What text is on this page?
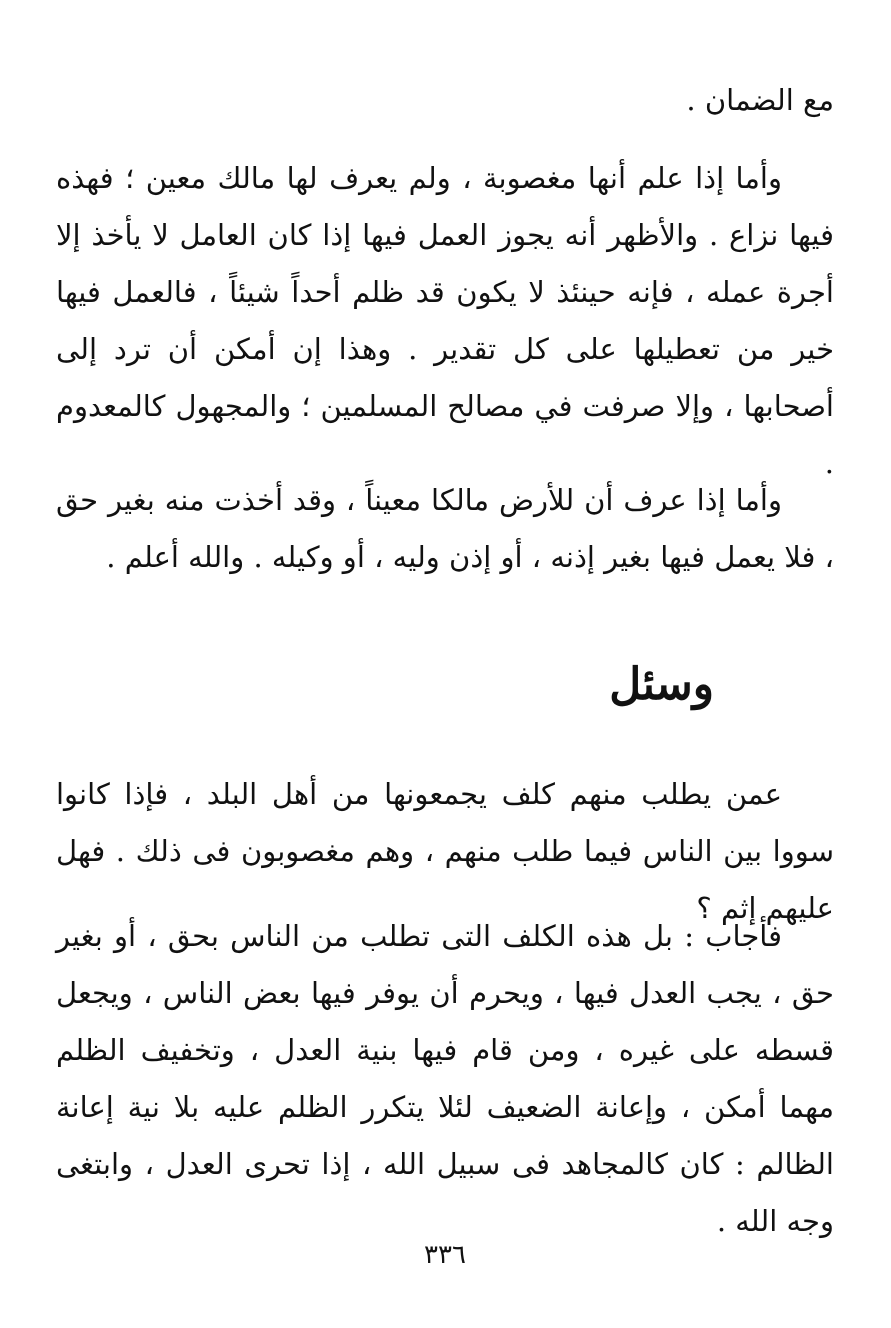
مع الضمان .

وأما إذا علم أنها مغصوبة ، ولم يعرف لها مالك معين ؛ فهذه فيها نزاع . والأظهر أنه يجوز العمل فيها إذا كان العامل لا يأخذ إلا أجرة عمله ، فإنه حينئذ لا يكون قد ظلم أحداً شيئاً ، فالعمل فيها خير من تعطيلها على كل تقدير . وهذا إن أمكن أن ترد إلى أصحابها ، وإلا صرفت في مصالح المسلمين ؛ والمجهول كالمعدوم .

وأما إذا عرف أن للأرض مالكا معيناً ، وقد أخذت منه بغير حق ، فلا يعمل فيها بغير إذنه ، أو إذن وليه ، أو وكيله . والله أعلم .

وسئل

عمن يطلب منهم كلف يجمعونها من أهل البلد ، فإذا كانوا سووا بين الناس فيما طلب منهم ، وهم مغصوبون فى ذلك . فهل عليهم إثم ؟

فأجاب : بل هذه الكلف التى تطلب من الناس بحق ، أو بغير حق ، يجب العدل فيها ، ويحرم أن يوفر فيها بعض الناس ، ويجعل قسطه على غيره ، ومن قام فيها بنية العدل ، وتخفيف الظلم مهما أمكن ، وإعانة الضعيف لئلا يتكرر الظلم عليه بلا نية إعانة الظالم : كان كالمجاهد فى سبيل الله ، إذا تحرى العدل ، وابتغى وجه الله .

٣٣٦
